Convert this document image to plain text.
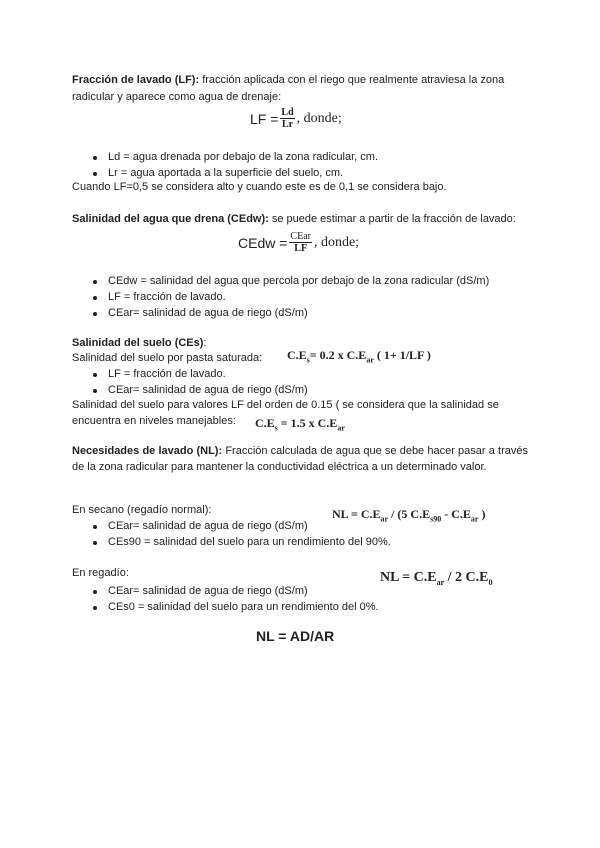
Fracción de lavado (LF): fracción aplicada con el riego que realmente atraviesa la zona
radicular y aparece como agua de drenaje:
LF = $\frac{Ld}{Lr}$ , donde;
Ld = agua drenada por debajo de la zona radicular, cm.
Lr = agua aportada a la superficie del suelo, cm.
Cuando LF=0,5 se considera alto y cuando este es de 0,1 se considera bajo.
Salinidad del agua que drena (CEdw): se puede estimar a partir de la fracción de lavado:
CEdw = $\frac{\text{CEar}}{LF}$ , donde;
CEdw = salinidad del agua que percola por debajo de la zona radicular (dS/m)
LF = fracción de lavado.
CEar= salinidad de agua de riego (dS/m)
Salinidad del suelo (CEs):
Salinidad del suelo por pasta saturada: $C.E_s= 0.2$ x $C.E_{ar}$ ( 1+ 1/LF )
LF = fracción de lavado.
CEar= salinidad de agua de riego (dS/m)
Salinidad del suelo para valores LF del orden de 0.15 ( se considera que la salinidad se
encuentra en niveles manejables: $C.E_s = 1.5$ x $C.E_{ar}$
Necesidades de lavado (NL): Fracción calculada de agua que se debe hacer pasar a través de la zona radicular para mantener la conductividad eléctrica a un determinado valor.
En secano (regadío normal):	NL = $C.E_{ar} / (5$ $C.E_{s90} - C.E_{ar}$ )
CEar= salinidad de agua de riego (dS/m)
CEs90 = salinidad del suelo para un rendimiento del 90%.
En regadío:	NL = $C.E_{ar} / 2$ $C.E_0$
CEar= salinidad de agua de riego (dS/m)
CEs0 = salinidad del suelo para un rendimiento del 0%.
NL = AD/AR
